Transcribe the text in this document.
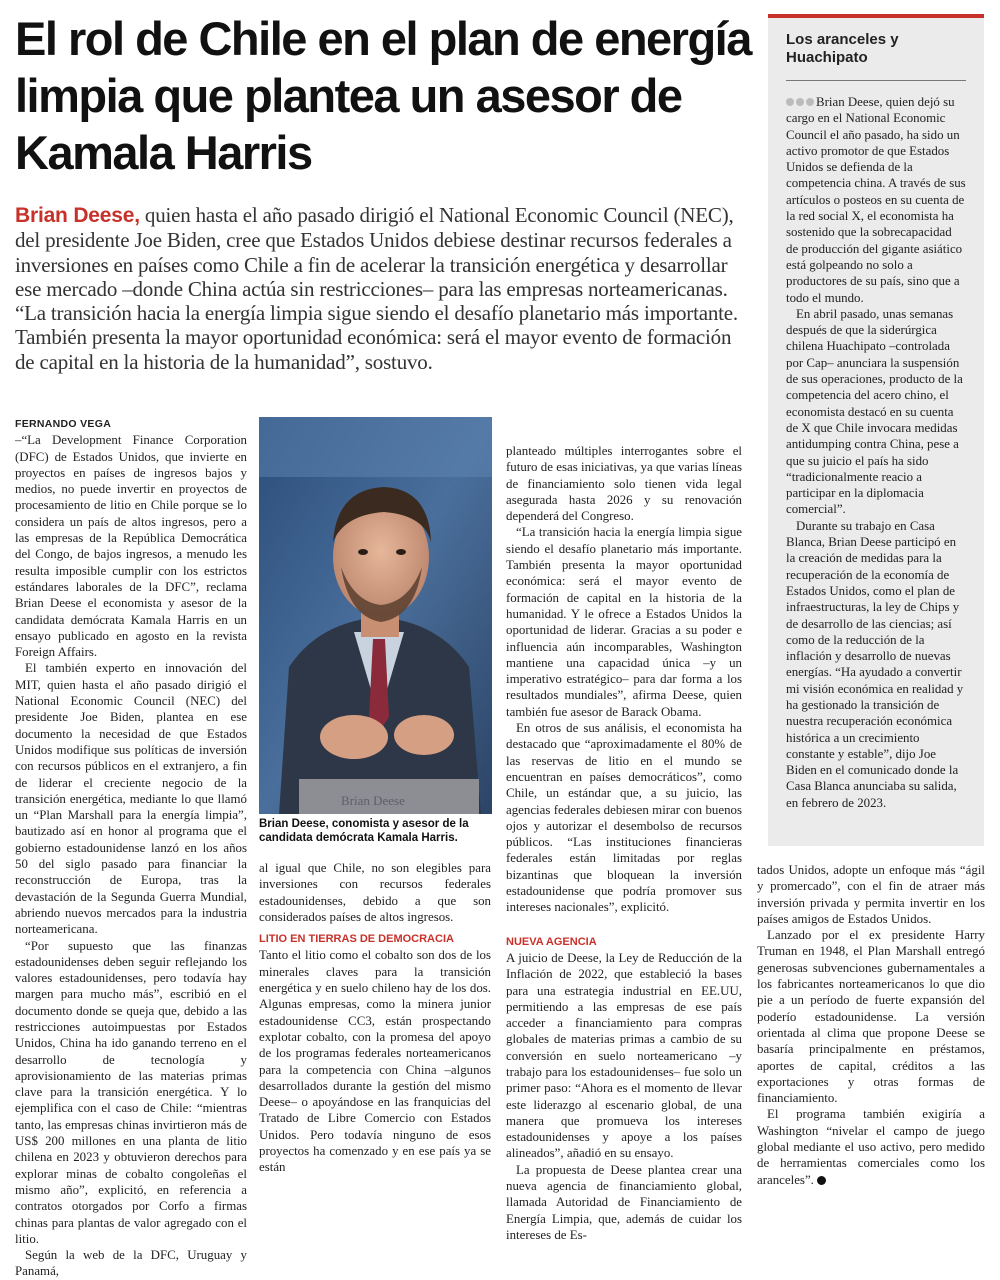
El rol de Chile en el plan de energía limpia que plantea un asesor de Kamala Harris
Brian Deese, quien hasta el año pasado dirigió el National Economic Council (NEC), del presidente Joe Biden, cree que Estados Unidos debiese destinar recursos federales a inversiones en países como Chile a fin de acelerar la transición energética y desarrollar ese mercado –donde China actúa sin restricciones– para las empresas norteamericanas. “La transición hacia la energía limpia sigue siendo el desafío planetario más importante. También presenta la mayor oportunidad económica: será el mayor evento de formación de capital en la historia de la humanidad”, sostuvo.

FERNANDO VEGA

–“La Development Finance Corporation (DFC) de Estados Unidos, que invierte en proyectos en países de ingresos bajos y medios, no puede invertir en proyectos de procesamiento de litio en Chile porque se lo considera un país de altos ingresos, pero a las empresas de la República Democrática del Congo, de bajos ingresos, a menudo les resulta imposible cumplir con los estrictos estándares laborales de la DFC”, reclama Brian Deese el economista y asesor de la candidata demócrata Kamala Harris en un ensayo publicado en agosto en la revista Foreign Affairs.

El también experto en innovación del MIT, quien hasta el año pasado dirigió el National Economic Council (NEC) del presidente Joe Biden, plantea en ese documento la necesidad de que Estados Unidos modifique sus políticas de inversión con recursos públicos en el extranjero, a fin de liderar el creciente negocio de la transición energética, mediante lo que llamó un “Plan Marshall para la energía limpia”, bautizado así en honor al programa que el gobierno estadounidense lanzó en los años 50 del siglo pasado para financiar la reconstrucción de Europa, tras la devastación de la Segunda Guerra Mundial, abriendo nuevos mercados para la industria norteamericana.

“Por supuesto que las finanzas estadounidenses deben seguir reflejando los valores estadounidenses, pero todavía hay margen para mucho más”, escribió en el documento donde se queja que, debido a las restricciones autoimpuestas por Estados Unidos, China ha ido ganando terreno en el desarrollo de tecnología y aprovisionamiento de las materias primas clave para la transición energética. Y lo ejemplifica con el caso de Chile: “mientras tanto, las empresas chinas invirtieron más de US$ 200 millones en una planta de litio chilena en 2023 y obtuvieron derechos para explorar minas de cobalto congoleñas el mismo año”, explicitó, en referencia a contratos otorgados por Corfo a firmas chinas para plantas de valor agregado con el litio.

Según la web de la DFC, Uruguay y Panamá,

Brian Deese
Brian Deese, conomista y asesor de la candidata demócrata Kamala Harris.

al igual que Chile, no son elegibles para inversiones con recursos federales estadounidenses, debido a que son considerados países de altos ingresos.

LITIO EN TIERRAS DE DEMOCRACIA

Tanto el litio como el cobalto son dos de los minerales claves para la transición energética y en suelo chileno hay de los dos. Algunas empresas, como la minera junior estadounidense CC3, están prospectando explotar cobalto, con la promesa del apoyo de los programas federales norteamericanos para la competencia con China –algunos desarrollados durante la gestión del mismo Deese– o apoyándose en las franquicias del Tratado de Libre Comercio con Estados Unidos. Pero todavía ninguno de esos proyectos ha comenzado y en ese país ya se están

planteado múltiples interrogantes sobre el futuro de esas iniciativas, ya que varias líneas de financiamiento solo tienen vida legal asegurada hasta 2026 y su renovación dependerá del Congreso.

“La transición hacia la energía limpia sigue siendo el desafío planetario más importante. También presenta la mayor oportunidad económica: será el mayor evento de formación de capital en la historia de la humanidad. Y le ofrece a Estados Unidos la oportunidad de liderar. Gracias a su poder e influencia aún incomparables, Washington mantiene una capacidad única –y un imperativo estratégico– para dar forma a los resultados mundiales”, afirma Deese, quien también fue asesor de Barack Obama.

En otros de sus análisis, el economista ha destacado que “aproximadamente el 80% de las reservas de litio en el mundo se encuentran en países democráticos”, como Chile, un estándar que, a su juicio, las agencias federales debiesen mirar con buenos ojos y autorizar el desembolso de recursos públicos. “Las instituciones financieras federales están limitadas por reglas bizantinas que bloquean la inversión estadounidense que podría promover sus intereses nacionales”, explicitó.

NUEVA AGENCIA

A juicio de Deese, la Ley de Reducción de la Inflación de 2022, que estableció la bases para una estrategia industrial en EE.UU, permitiendo a las empresas de ese país acceder a financiamiento para compras globales de materias primas a cambio de su conversión en suelo norteamericano –y trabajo para los estadounidenses– fue solo un primer paso: “Ahora es el momento de llevar este liderazgo al escenario global, de una manera que promueva los intereses estadounidenses y apoye a los países alineados”, añadió en su ensayo.

La propuesta de Deese plantea crear una nueva agencia de financiamiento global, llamada Autoridad de Financiamiento de Energía Limpia, que, además de cuidar los intereses de Es-

Los aranceles y Huachipato

Brian Deese, quien dejó su cargo en el National Economic Council el año pasado, ha sido un activo promotor de que Estados Unidos se defienda de la competencia china. A través de sus artículos o posteos en su cuenta de la red social X, el economista ha sostenido que la sobrecapacidad de producción del gigante asiático está golpeando no solo a productores de su país, sino que a todo el mundo.

En abril pasado, unas semanas después de que la siderúrgica chilena Huachipato –controlada por Cap– anunciara la suspensión de sus operaciones, producto de la competencia del acero chino, el economista destacó en su cuenta de X que Chile invocara medidas antidumping contra China, pese a que su juicio el país ha sido “tradicionalmente reacio a participar en la diplomacia comercial”.

Durante su trabajo en Casa Blanca, Brian Deese participó en la creación de medidas para la recuperación de la economía de Estados Unidos, como el plan de infraestructuras, la ley de Chips y de desarrollo de las ciencias; así como de la reducción de la inflación y desarrollo de nuevas energías. “Ha ayudado a convertir mi visión económica en realidad y ha gestionado la transición de nuestra recuperación económica histórica a un crecimiento constante y estable”, dijo Joe Biden en el comunicado donde la Casa Blanca anunciaba su salida, en febrero de 2023.

tados Unidos, adopte un enfoque más “ágil y promercado”, con el fin de atraer más inversión privada y permita invertir en los países amigos de Estados Unidos.

Lanzado por el ex presidente Harry Truman en 1948, el Plan Marshall entregó generosas subvenciones gubernamentales a los fabricantes norteamericanos lo que dio pie a un período de fuerte expansión del poderío estadounidense. La versión orientada al clima que propone Deese se basaría principalmente en préstamos, aportes de capital, créditos a las exportaciones y otras formas de financiamiento.

El programa también exigiría a Washington “nivelar el campo de juego global mediante el uso activo, pero medido de herramientas comerciales como los aranceles”. P
